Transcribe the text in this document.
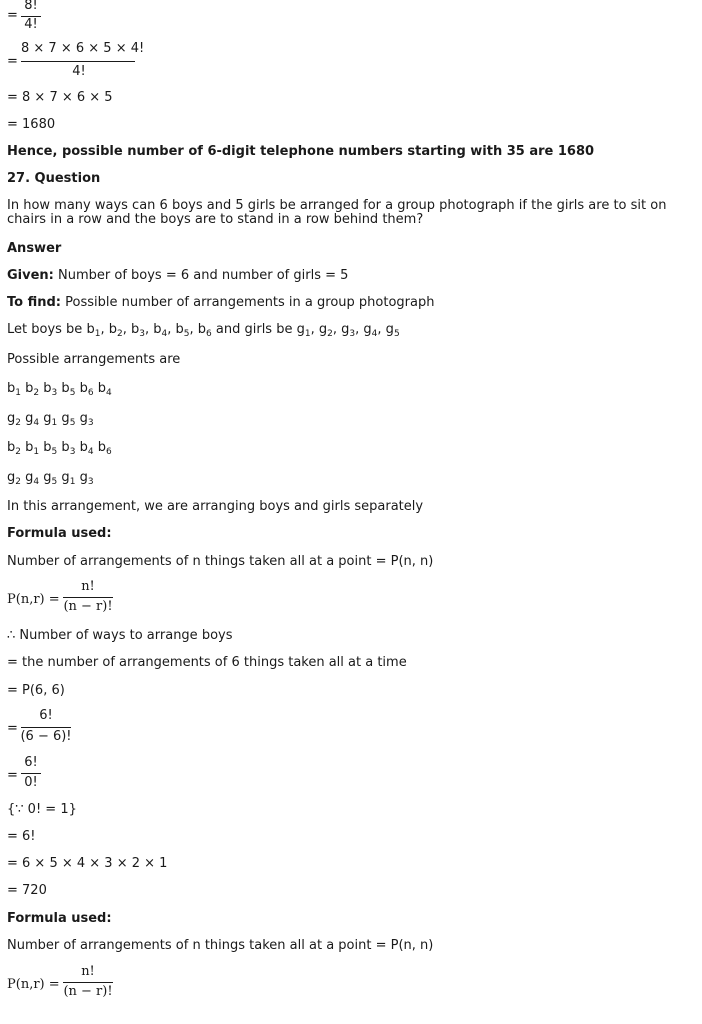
=
8!
4!
=
8 × 7 × 6 × 5 × 4!
4!
= 8 × 7 × 6 × 5
= 1680
Hence, possible number of 6-digit telephone numbers starting with 35 are 1680
27. Question
In how many ways can 6 boys and 5 girls be arranged for a group photograph if the girls are to sit on chairs in a row and the boys are to stand in a row behind them?
Answer
Given: Number of boys = 6 and number of girls = 5
To find: Possible number of arrangements in a group photograph
Let boys be $b_1$, $b_2$, $b_3$, $b_4$, $b_5$, $b_6$ and girls be $g_1$, $g_2$, $g_3$, $g_4$, $g_5$
Possible arrangements are
$b_1$ $b_2$ $b_3$ $b_5$ $b_6$ $b_4$
$g_2$ $g_4$ $g_1$ $g_5$ $g_3$
$b_2$ $b_1$ $b_5$ $b_3$ $b_4$ $b_6$
$g_2$ $g_4$ $g_5$ $g_1$ $g_3$
In this arrangement, we are arranging boys and girls separately
Formula used:
Number of arrangements of n things taken all at a point = P(n, n)
P(n,r) =
n!
(n − r)!
∴ Number of ways to arrange boys
= the number of arrangements of 6 things taken all at a time
= P(6, 6)
=
6!
(6 − 6)!
=
6!
0!
{∵ 0! = 1}
= 6!
= 6 × 5 × 4 × 3 × 2 × 1
= 720
Formula used:
Number of arrangements of n things taken all at a point = P(n, n)
P(n,r) =
n!
(n − r)!
